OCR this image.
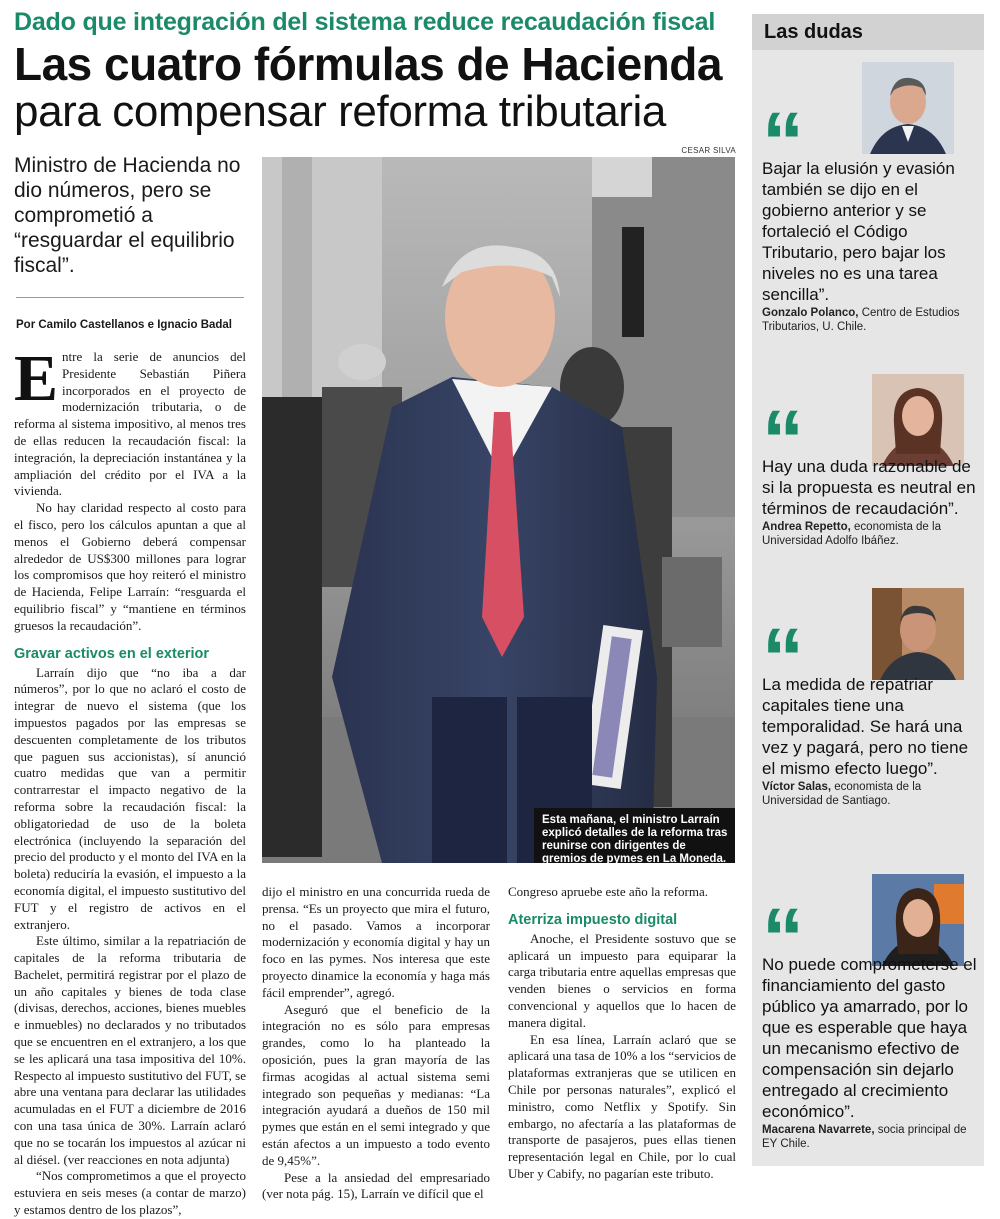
Dado que integración del sistema reduce recaudación fiscal
Las cuatro fórmulas de Hacienda
para compensar reforma tributaria
Ministro de Hacienda no dio números, pero se comprometió a “resguardar el equilibrio fiscal”.
Por Camilo Castellanos e Ignacio Badal
CESAR SILVA
Esta mañana, el ministro Larraín explicó detalles de la reforma tras reunirse con dirigentes de gremios de pymes en La Moneda.

Entre la serie de anuncios del Presidente Sebastián Piñera incorporados en el proyecto de modernización tributaria, o de reforma al sistema impositivo, al menos tres de ellas reducen la recaudación fiscal: la integración, la depreciación instantánea y la ampliación del crédito por el IVA a la vivienda.

No hay claridad respecto al costo para el fisco, pero los cálculos apuntan a que al menos el Gobierno deberá compensar alrededor de US$300 millones para lograr los compromisos que hoy reiteró el ministro de Hacienda, Felipe Larraín: “resguarda el equilibrio fiscal” y “mantiene en términos gruesos la recaudación”.

Gravar activos en el exterior

Larraín dijo que “no iba a dar números”, por lo que no aclaró el costo de integrar de nuevo el sistema (que los impuestos pagados por las empresas se descuenten completamente de los tributos que paguen sus accionistas), sí anunció cuatro medidas que van a permitir contrarrestar el impacto negativo de la reforma sobre la recaudación fiscal: la obligatoriedad de uso de la boleta electrónica (incluyendo la separación del precio del producto y el monto del IVA en la boleta) reduciría la evasión, el impuesto a la economía digital, el impuesto sustitutivo del FUT y el registro de activos en el extranjero.

Este último, similar a la repatriación de capitales de la reforma tributaria de Bachelet, permitirá registrar por el plazo de un año capitales y bienes de toda clase (divisas, derechos, acciones, bienes muebles e inmuebles) no declarados y no tributados que se encuentren en el extranjero, a los que se les aplicará una tasa impositiva del 10%. Respecto al impuesto sustitutivo del FUT, se abre una ventana para declarar las utilidades acumuladas en el FUT a diciembre de 2016 con una tasa única de 30%. Larraín aclaró que no se tocarán los impuestos al azúcar ni al diésel. (ver reacciones en nota adjunta)

“Nos comprometimos a que el proyecto estuviera en seis meses (a contar de marzo) y estamos dentro de los plazos”,

dijo el ministro en una concurrida rueda de prensa. “Es un proyecto que mira el futuro, no el pasado. Vamos a incorporar modernización y economía digital y hay un foco en las pymes. Nos interesa que este proyecto dinamice la economía y haga más fácil emprender”, agregó.

Aseguró que el beneficio de la integración no es sólo para empresas grandes, como lo ha planteado la oposición, pues la gran mayoría de las firmas acogidas al actual sistema semi integrado son pequeñas y medianas: “La integración ayudará a dueños de 150 mil pymes que están en el semi integrado y que están afectos a un impuesto a todo evento de 9,45%”.

Pese a la ansiedad del empresariado (ver nota pág. 15), Larraín ve difícil que el

Congreso apruebe este año la reforma.

Aterriza impuesto digital

Anoche, el Presidente sostuvo que se aplicará un impuesto para equiparar la carga tributaria entre aquellas empresas que venden bienes o servicios en forma convencional y aquellos que lo hacen de manera digital.

En esa línea, Larraín aclaró que se aplicará una tasa de 10% a los “servicios de plataformas extranjeras que se utilicen en Chile por personas naturales”, explicó el ministro, como Netflix y Spotify. Sin embargo, no afectaría a las plataformas de transporte de pasajeros, pues ellas tienen representación legal en Chile, por lo cual Uber y Cabify, no pagarían este tributo.

Las dudas
“
Bajar la elusión y evasión también se dijo en el gobierno anterior y se fortaleció el Código Tributario, pero bajar los niveles no es una tarea sencilla”.
Gonzalo Polanco, Centro de Estudios Tributarios, U. Chile.
“
Hay una duda razonable de si la propuesta es neutral en términos de recaudación”.
Andrea Repetto, economista de la Universidad Adolfo Ibáñez.
“
La medida de repatriar capitales tiene una temporalidad. Se hará una vez y pagará, pero no tiene el mismo efecto luego”.
Víctor Salas, economista de la Universidad de Santiago.
“
No puede comprometerse el financiamiento del gasto público ya amarrado, por lo que es esperable que haya un mecanismo efectivo de compensación sin dejarlo entregado al crecimiento económico”.
Macarena Navarrete, socia principal de EY Chile.
